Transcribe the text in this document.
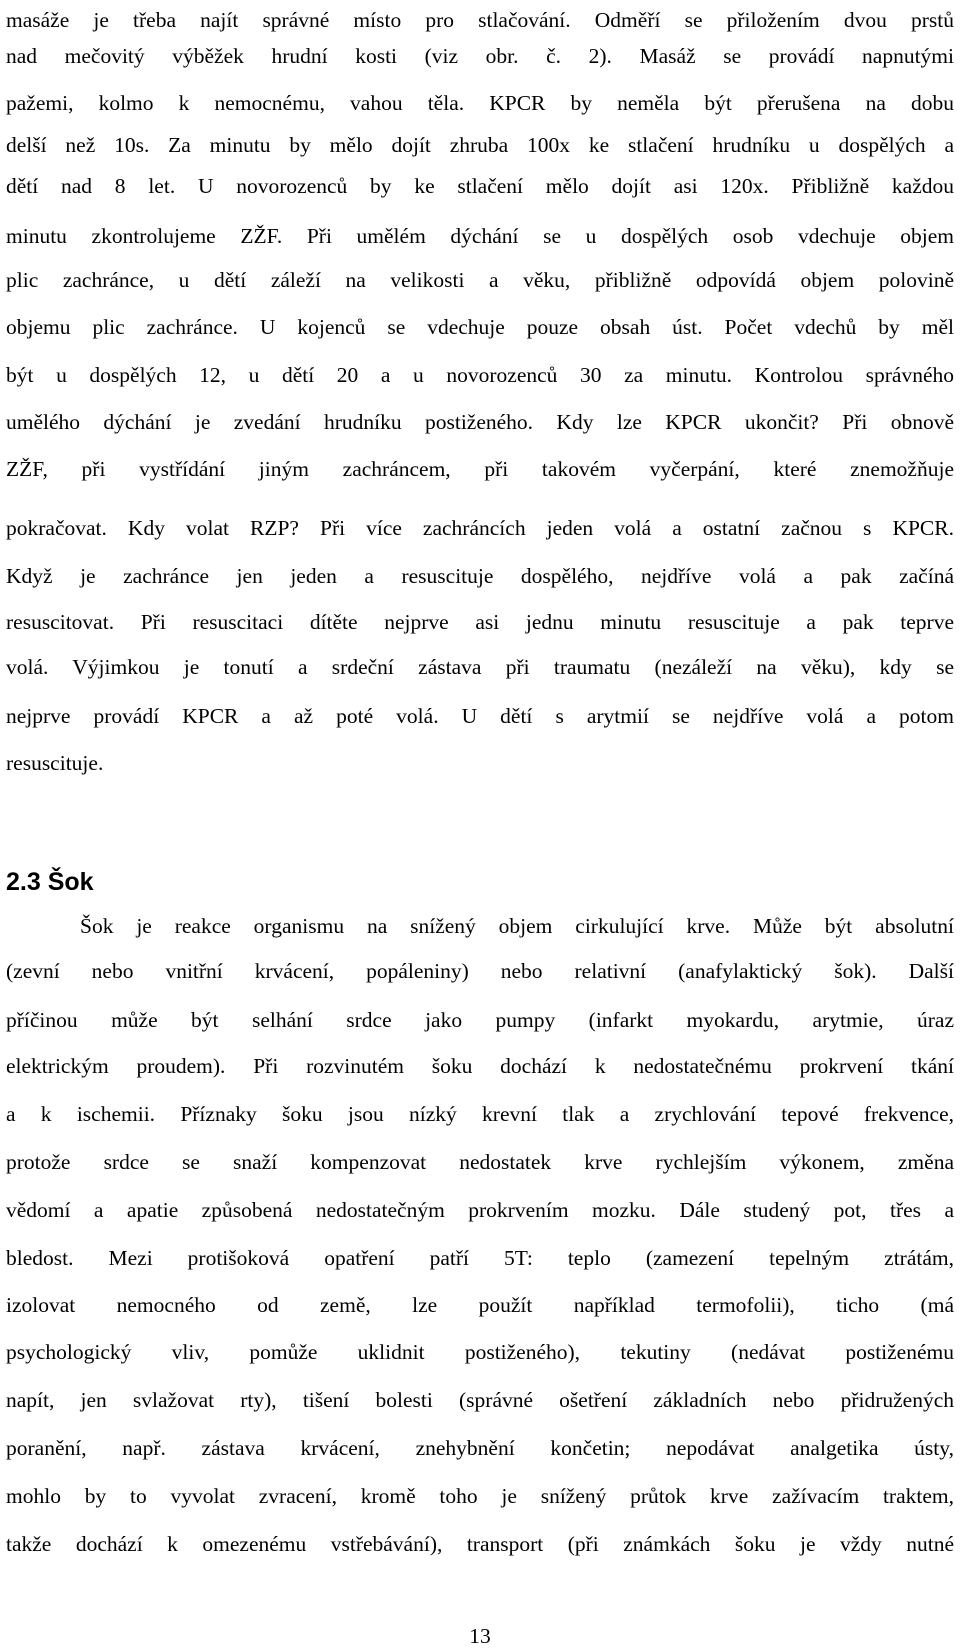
masáže je třeba najít správné místo pro stlačování. Odměří se přiložením dvou prstů

nad mečovitý výběžek hrudní kosti (viz obr. č. 2). Masáž se provádí napnutými

pažemi, kolmo k nemocnému, vahou těla. KPCR by neměla být přerušena na dobu

delší než 10s. Za minutu by mělo dojít zhruba 100x ke stlačení hrudníku u dospělých a

dětí nad 8 let. U novorozenců by ke stlačení mělo dojít asi 120x. Přibližně každou

minutu zkontrolujeme ZŽF. Při umělém dýchání se u dospělých osob vdechuje objem

plic zachránce, u dětí záleží na velikosti a věku, přibližně odpovídá objem polovině

objemu plic zachránce. U kojenců se vdechuje pouze obsah úst. Počet vdechů by měl

být u dospělých 12, u dětí 20 a u novorozenců 30 za minutu. Kontrolou správného

umělého dýchání je zvedání hrudníku postiženého. Kdy lze KPCR ukončit? Při obnově

ZŽF, při vystřídání jiným zachráncem, při takovém vyčerpání, které znemožňuje

pokračovat. Kdy volat RZP? Při více zachráncích jeden volá a ostatní začnou s KPCR.

Když je zachránce jen jeden a resuscituje dospělého, nejdříve volá a pak začíná

resuscitovat. Při resuscitaci dítěte nejprve asi jednu minutu resuscituje a pak teprve

volá. Výjimkou je tonutí a srdeční zástava při traumatu (nezáleží na věku), kdy se

nejprve provádí KPCR a až poté volá. U dětí s arytmií se nejdříve volá a potom

resuscituje.

2.3 Šok

Šok je reakce organismu na snížený objem cirkulující krve. Může být absolutní

(zevní nebo vnitřní krvácení, popáleniny) nebo relativní (anafylaktický šok). Další

příčinou může být selhání srdce jako pumpy (infarkt myokardu, arytmie, úraz

elektrickým proudem). Při rozvinutém šoku dochází k nedostatečnému prokrvení tkání

a k ischemii. Příznaky šoku jsou nízký krevní tlak a zrychlování tepové frekvence,

protože srdce se snaží kompenzovat nedostatek krve rychlejším výkonem, změna

vědomí a apatie způsobená nedostatečným prokrvením mozku. Dále studený pot, třes a

bledost. Mezi protišoková opatření patří 5T: teplo (zamezení tepelným ztrátám,

izolovat nemocného od země, lze použít například termofolii), ticho (má

psychologický vliv, pomůže uklidnit postiženého), tekutiny (nedávat postiženému

napít, jen svlažovat rty), tišení bolesti (správné ošetření základních nebo přidružených

poranění, např. zástava krvácení, znehybnění končetin; nepodávat analgetika ústy,

mohlo by to vyvolat zvracení, kromě toho je snížený průtok krve zažívacím traktem,

takže dochází k omezenému vstřebávání), transport (při známkách šoku je vždy nutné

13
